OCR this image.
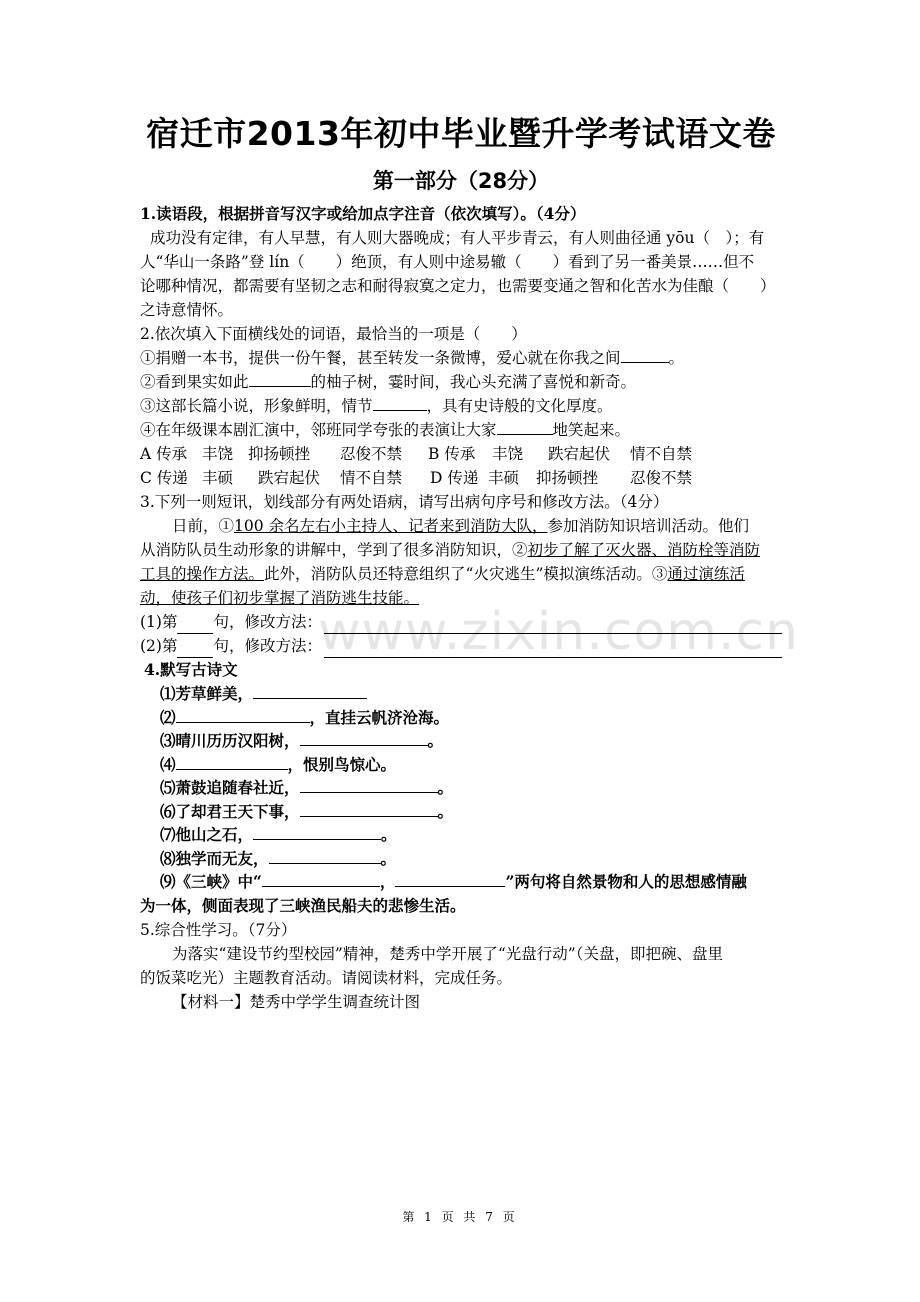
www.zixin.com.cn
宿迁市2013年初中毕业暨升学考试语文卷
第一部分（28分）
1.读语段，根据拼音写汉字或给加点字注音（依次填写）。（4分）
成功没有定律，有人早慧，有人则大器晚成；有人平步青云，有人则曲径通 yōu（　）；有
人“华山一条路”登 lín（　　）绝顶，有人则中途易辙（　　）看到了另一番美景……但不
论哪种情况，都需要有坚韧之志和耐得寂寞之定力，也需要变通之智和化苦水为佳酿（　　）
之诗意情怀。
2.依次填入下面横线处的词语，最恰当的一项是（　　）
①捐赠一本书，提供一份午餐，甚至转发一条微博，爱心就在你我之间	。
②看到果实如此	的柚子树，霎时间，我心头充满了喜悦和新奇。
③这部长篇小说，形象鲜明，情节	，具有史诗般的文化厚度。
④在年级课本剧汇演中，邻班同学夸张的表演让大家	地笑起来。
A 传承 丰饶 抑扬顿挫 忍俊不禁 B 传承 丰饶 跌宕起伏 情不自禁
C 传递 丰硕 跌宕起伏 情不自禁 D 传递 丰硕 抑扬顿挫 忍俊不禁
3.下列一则短讯，划线部分有两处语病，请写出病句序号和修改方法。（4分）
日前，①100 余名左右小主持人、记者来到消防大队，参加消防知识培训活动。他们
从消防队员生动形象的讲解中，学到了很多消防知识，②初步了解了灭火器、消防栓等消防
工具的操作方法。此外，消防队员还特意组织了“火灾逃生”模拟演练活动。③通过演练活
动，使孩子们初步掌握了消防逃生技能。
(1)第 句，修改方法：
(2)第 句，修改方法：
4.默写古诗文
⑴芳草鲜美，
⑵	，直挂云帆济沧海。
⑶晴川历历汉阳树，	。
⑷	，恨别鸟惊心。
⑸萧鼓追随春社近，	。
⑹了却君王天下事，	。
⑺他山之石，	。
⑻独学而无友，	。
⑼《三峡》中“	，	”两句将自然景物和人的思想感情融
为一体，侧面表现了三峡渔民船夫的悲惨生活。
5.综合性学习。（7分）
为落实“建设节约型校园”精神，楚秀中学开展了“光盘行动”（关盘，即把碗、盘里
的饭菜吃光）主题教育活动。请阅读材料，完成任务。
【材料一】楚秀中学学生调查统计图
第 1 页 共 7 页
